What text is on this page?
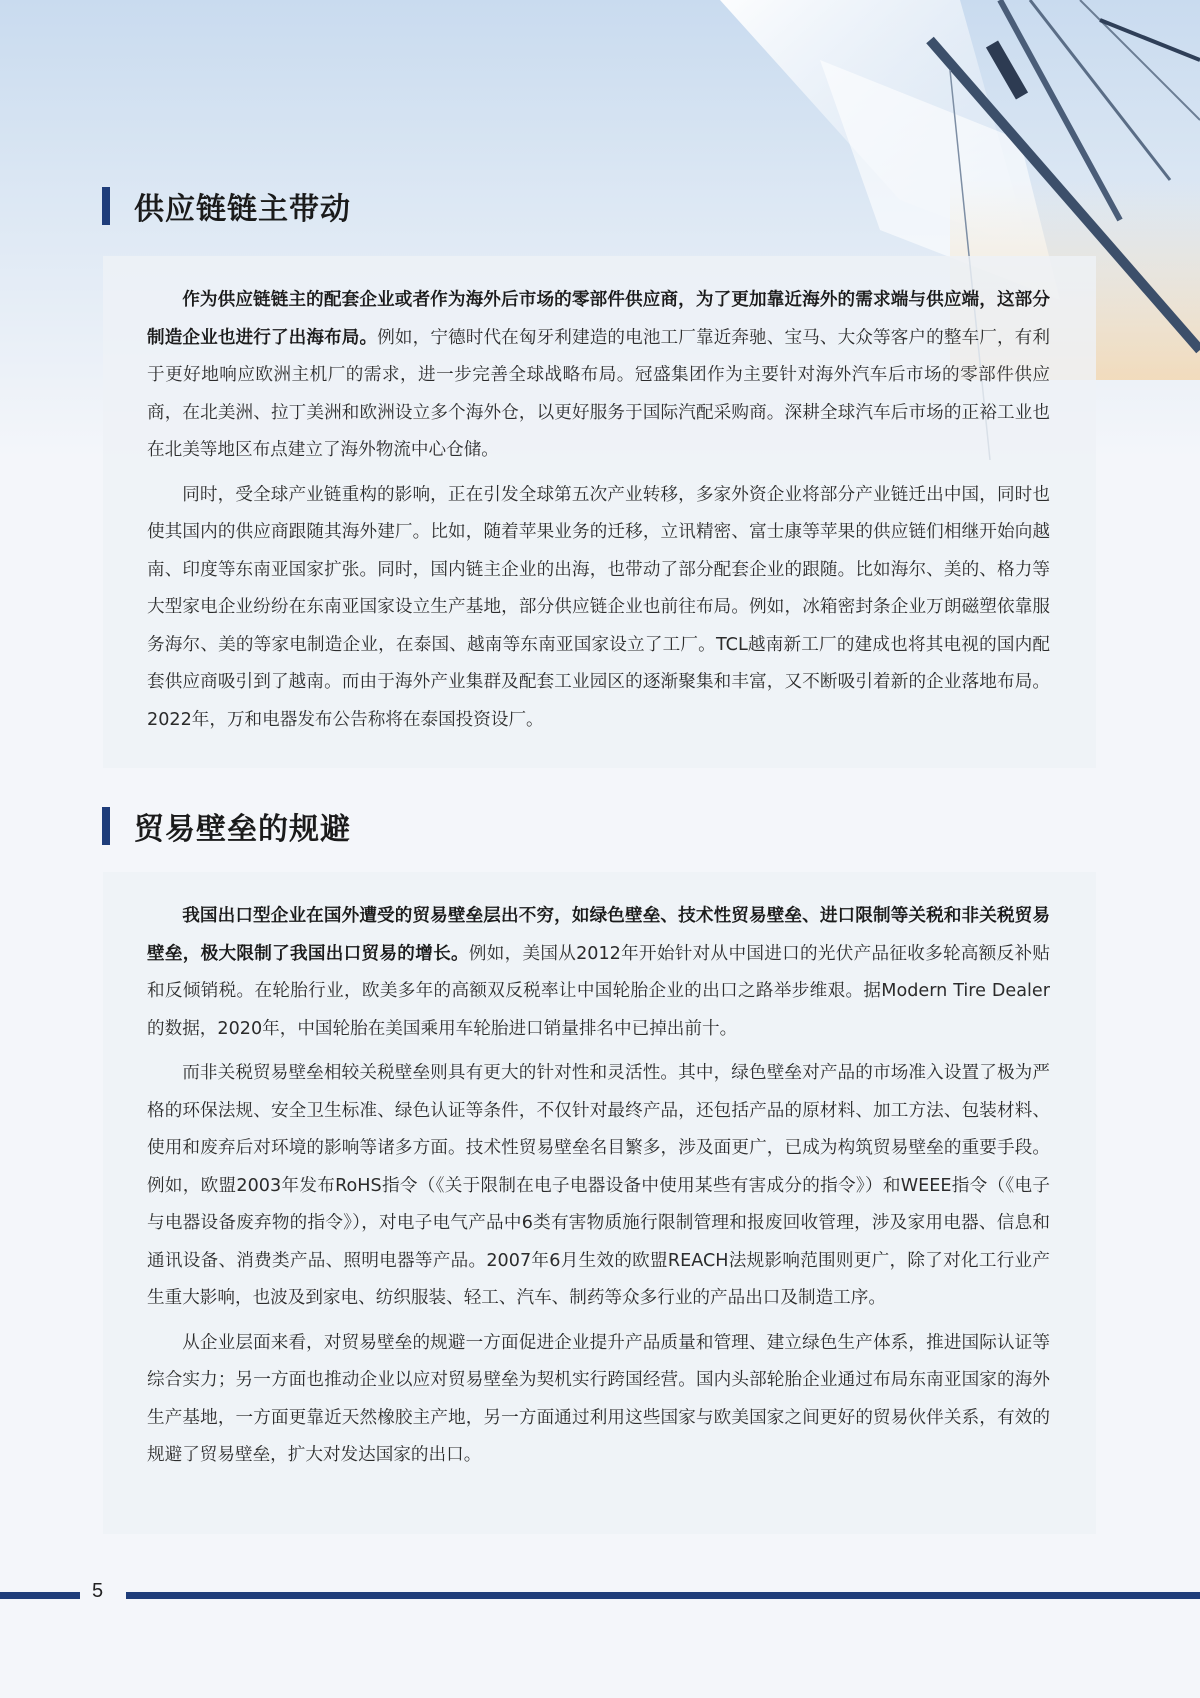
供应链链主带动

作为供应链链主的配套企业或者作为海外后市场的零部件供应商，为了更加靠近海外的需求端与供应端，这部分制造企业也进行了出海布局。例如，宁德时代在匈牙利建造的电池工厂靠近奔驰、宝马、大众等客户的整车厂，有利于更好地响应欧洲主机厂的需求，进一步完善全球战略布局。冠盛集团作为主要针对海外汽车后市场的零部件供应商，在北美洲、拉丁美洲和欧洲设立多个海外仓，以更好服务于国际汽配采购商。深耕全球汽车后市场的正裕工业也在北美等地区布点建立了海外物流中心仓储。

同时，受全球产业链重构的影响，正在引发全球第五次产业转移，多家外资企业将部分产业链迁出中国，同时也使其国内的供应商跟随其海外建厂。比如，随着苹果业务的迁移，立讯精密、富士康等苹果的供应链们相继开始向越南、印度等东南亚国家扩张。同时，国内链主企业的出海，也带动了部分配套企业的跟随。比如海尔、美的、格力等大型家电企业纷纷在东南亚国家设立生产基地，部分供应链企业也前往布局。例如，冰箱密封条企业万朗磁塑依靠服务海尔、美的等家电制造企业，在泰国、越南等东南亚国家设立了工厂。TCL越南新工厂的建成也将其电视的国内配套供应商吸引到了越南。而由于海外产业集群及配套工业园区的逐渐聚集和丰富，又不断吸引着新的企业落地布局。2022年，万和电器发布公告称将在泰国投资设厂。

贸易壁垒的规避

我国出口型企业在国外遭受的贸易壁垒层出不穷，如绿色壁垒、技术性贸易壁垒、进口限制等关税和非关税贸易壁垒，极大限制了我国出口贸易的增长。例如，美国从2012年开始针对从中国进口的光伏产品征收多轮高额反补贴和反倾销税。在轮胎行业，欧美多年的高额双反税率让中国轮胎企业的出口之路举步维艰。据Modern Tire Dealer的数据，2020年，中国轮胎在美国乘用车轮胎进口销量排名中已掉出前十。

而非关税贸易壁垒相较关税壁垒则具有更大的针对性和灵活性。其中，绿色壁垒对产品的市场准入设置了极为严格的环保法规、安全卫生标准、绿色认证等条件，不仅针对最终产品，还包括产品的原材料、加工方法、包装材料、使用和废弃后对环境的影响等诸多方面。技术性贸易壁垒名目繁多，涉及面更广，已成为构筑贸易壁垒的重要手段。例如，欧盟2003年发布RoHS指令（《关于限制在电子电器设备中使用某些有害成分的指令》）和WEEE指令（《电子与电器设备废弃物的指令》），对电子电气产品中6类有害物质施行限制管理和报废回收管理，涉及家用电器、信息和通讯设备、消费类产品、照明电器等产品。2007年6月生效的欧盟REACH法规影响范围则更广，除了对化工行业产生重大影响，也波及到家电、纺织服装、轻工、汽车、制药等众多行业的产品出口及制造工序。

从企业层面来看，对贸易壁垒的规避一方面促进企业提升产品质量和管理、建立绿色生产体系，推进国际认证等综合实力；另一方面也推动企业以应对贸易壁垒为契机实行跨国经营。国内头部轮胎企业通过布局东南亚国家的海外生产基地，一方面更靠近天然橡胶主产地，另一方面通过利用这些国家与欧美国家之间更好的贸易伙伴关系，有效的规避了贸易壁垒，扩大对发达国家的出口。

5
